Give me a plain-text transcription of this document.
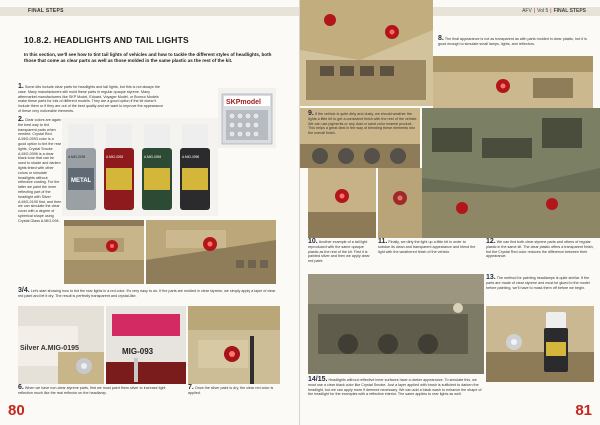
FINAL STEPS
10.8.2. HEADLIGHTS AND TAIL LIGHTS
In this section, we'll see how to tint tail lights of vehicles and how to tackle the different styles of headlights, both those that come as clear parts as well as those molded in the same plastic as the rest of the kit.
1.Some kits include clear parts for headlights and tail lights, but this is not always the case. Many manufacturers still mold these parts in regular opaque styrene. Many aftermarket manufacturers like SKP Model, Eduard, Voyager Model, or Bronco Models make these parts for lots of different models. They are a good option if the kit doesn't include them or if they are out of the best quality and we want to improve the appearance of these very noticeable elements.
SKPmodel
METAL
A.MIG-0195	A.MIG-0093	A.MIG-0094	A.MIG-0096
2.Clear colors are again the best way to tint transparent parts when needed. Crystal Red A.MIG-0093 color is a good option to tint the rear lights, Crystal Smoke A.MIG-0096 is a clear black tone that can be used to shade and darken lights tinted with other colors or simulate headlights without reflective coating. For the latter we paint the inner reflecting part of the headlight with Silver A.MIG-0195 first, and then we can simulate the clear cover with a degree of spherical shape using Crystal Glass A.MIG-094.
3/4.Let's start showing how to tint the rear lights in a red color. It's very easy to do. If the parts are molded in clear styrene, we simply apply a layer of clear red paint and let it dry. The result is perfectly transparent and crystal-like.
Silver A.MIG-0195	MIG-093
6.When we have non-clear styrene parts, first we must paint them silver to increase light reflection much like the real reflector on the headlamp.
7.Once the silver paint is dry, the clear red color is applied.
80
AFV | Vol 5 | FINAL STEPS
8.The final appearance is not as transparent as with parts molded in clear plastic, but it is good enough to simulate small lamps, lights, and reflectors.
9.If the vehicle is quite dirty and dusty, we should weather the lights a little bit to get a consistent finish with the rest of the vehicle. We can use pigments or any dust or sand color enamel product. This helps a great deal in the way of blending these elements into the overall finish.
10.Another example of a tail light reproduced with the same opaque plastic as the rest of the kit. First it is painted silver and then we apply clear red paint.
11.Finally, we dirty the light up a little bit in order to subdue its clean and transparent appearance and blend the light with the weathered finish of the vehicle.
12.We can find both clear styrene parts and others of regular plastic in the same kit. The clear plastic offers a transparent finish, but the Crystal Red color reduces the difference between their appearance.
13.The method for painting headlamps is quite similar. If the parts are made of clear styrene and must be glued to the model before painting, we'll have to mask them off before we begin.
14/15.Headlights without reflective inner surfaces have a darker appearance. To simulate this, we must use a clear black color like Crystal Smoke. Just a layer applied with brush is sufficient to darken the headlight, but we can apply more if deemed necessary. We can add a black wash to enhance the shape of the headlight for the examples with a reflective interior. The same applies to rear lights as well.
81
